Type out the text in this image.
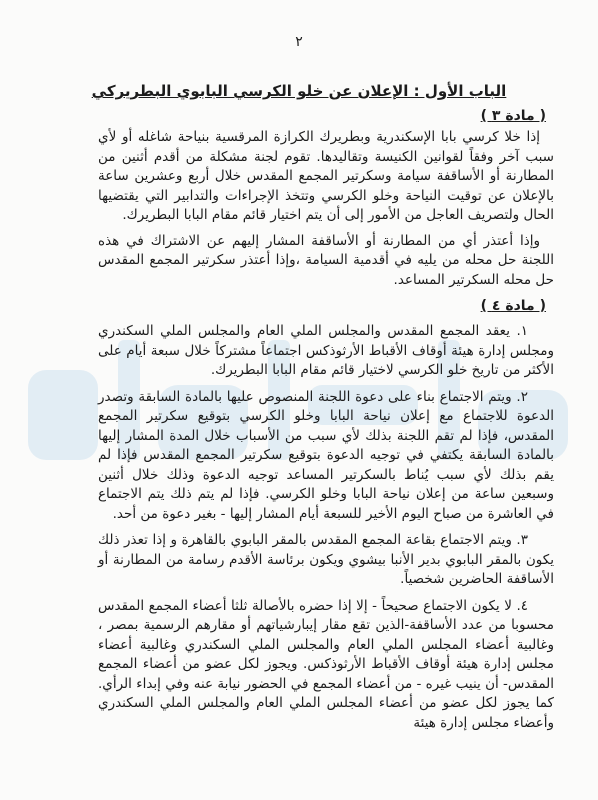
٢
الباب الأول : الإعلان عن خلو الكرسي البابوي البطريركي
( مادة ٣ )

إذا خلا كرسي بابا الإسكندرية وبطريرك الكرازة المرقسية بنياحة شاغله أو لأي سبب آخر وفقاً لقوانين الكنيسة وتقاليدها. تقوم لجنة مشكلة من أقدم أثنين من المطارنة أو الأساقفة سيامة وسكرتير المجمع المقدس خلال أربع وعشرين ساعة بالإعلان عن توقيت النياحة وخلو الكرسي وتتخذ الإجراءات والتدابير التي يقتضيها الحال ولتصريف العاجل من الأمور إلى أن يتم اختيار قائم مقام البابا البطريرك.

وإذا أعتذر أي من المطارنة أو الأساقفة المشار إليهم عن الاشتراك في هذه اللجنة حل محله من يليه في أقدمية السيامة ،وإذا أعتذر سكرتير المجمع المقدس حل محله السكرتير المساعد.

( مادة ٤ )

١. يعقد المجمع المقدس والمجلس الملي العام والمجلس الملي السكندري ومجلس إدارة هيئة أوقاف الأقباط الأرثوذكس اجتماعاً مشتركاً خلال سبعة أيام على الأكثر من تاريخ خلو الكرسي لاختيار قائم مقام البابا البطريرك.

٢. ويتم الاجتماع بناء على دعوة اللجنة المنصوص عليها بالمادة السابقة وتصدر الدعوة للاجتماع مع إعلان نياحة البابا وخلو الكرسي بتوقيع سكرتير المجمع المقدس، فإذا لم تقم اللجنة بذلك لأي سبب من الأسباب خلال المدة المشار إليها بالمادة السابقة يكتفي في توجيه الدعوة بتوقيع سكرتير المجمع المقدس فإذا لم يقم بذلك لأي سبب يُناط بالسكرتير المساعد توجيه الدعوة وذلك خلال أثنين وسبعين ساعة من إعلان نياحة البابا وخلو الكرسي. فإذا لم يتم ذلك يتم الاجتماع في العاشرة من صباح اليوم الأخير للسبعة أيام المشار إليها - بغير دعوة من أحد.

٣. ويتم الاجتماع بقاعة المجمع المقدس بالمقر البابوي بالقاهرة و إذا تعذر ذلك يكون بالمقر البابوي بدير الأنبا بيشوي ويكون برئاسة الأقدم رسامة من المطارنة أو الأساقفة الحاضرين شخصياً.

٤. لا يكون الاجتماع صحيحاً - إلا إذا حضره بالأصالة ثلثا أعضاء المجمع المقدس محسوبا من عدد الأساقفة-الذين تقع مقار إيبارشياتهم أو مقارهم الرسمية بمصر ، وغالبية أعضاء المجلس الملي العام والمجلس الملي السكندري وغالبية أعضاء مجلس إدارة هيئة أوقاف الأقباط الأرثوذكس. ويجوز لكل عضو من أعضاء المجمع المقدس- أن ينيب غيره - من أعضاء المجمع في الحضور نيابة عنه وفي إبداء الرأي. كما يجوز لكل عضو من أعضاء المجلس الملي العام والمجلس الملي السكندري وأعضاء مجلس إدارة هيئة
